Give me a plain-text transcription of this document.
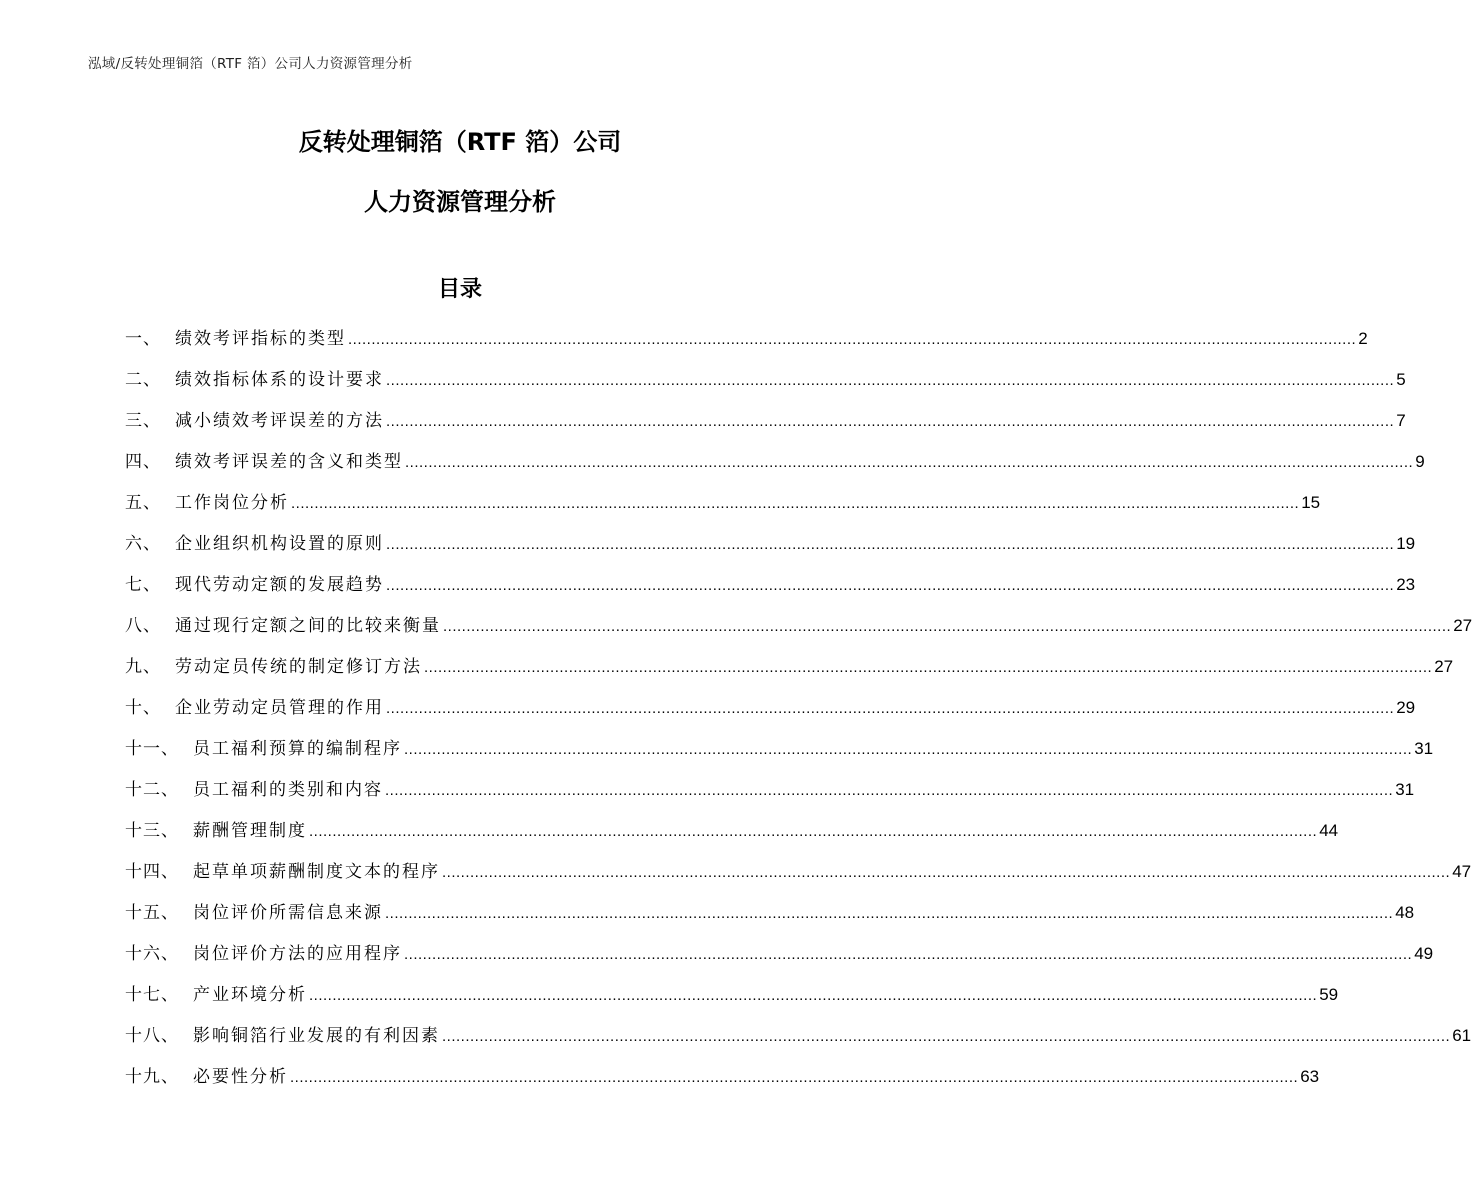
泓域/反转处理铜箔（RTF 箔）公司人力资源管理分析
反转处理铜箔（RTF 箔）公司
人力资源管理分析
目录
一、 绩效考评指标的类型 ........................................................................................................................................................................................................................ 2
二、 绩效指标体系的设计要求 ........................................................................................................................................................................................................................ 5
三、 减小绩效考评误差的方法 ........................................................................................................................................................................................................................ 7
四、 绩效考评误差的含义和类型 ........................................................................................................................................................................................................................ 9
五、 工作岗位分析 ........................................................................................................................................................................................................................ 15
六、 企业组织机构设置的原则 ........................................................................................................................................................................................................................ 19
七、 现代劳动定额的发展趋势 ........................................................................................................................................................................................................................ 23
八、 通过现行定额之间的比较来衡量 ........................................................................................................................................................................................................................ 27
九、 劳动定员传统的制定修订方法 ........................................................................................................................................................................................................................ 27
十、 企业劳动定员管理的作用 ........................................................................................................................................................................................................................ 29
十一、 员工福利预算的编制程序 ........................................................................................................................................................................................................................ 31
十二、 员工福利的类别和内容 ........................................................................................................................................................................................................................ 31
十三、 薪酬管理制度 ........................................................................................................................................................................................................................ 44
十四、 起草单项薪酬制度文本的程序 ........................................................................................................................................................................................................................ 47
十五、 岗位评价所需信息来源 ........................................................................................................................................................................................................................ 48
十六、 岗位评价方法的应用程序 ........................................................................................................................................................................................................................ 49
十七、 产业环境分析 ........................................................................................................................................................................................................................ 59
十八、 影响铜箔行业发展的有利因素 ........................................................................................................................................................................................................................ 61
十九、 必要性分析 ........................................................................................................................................................................................................................ 63
